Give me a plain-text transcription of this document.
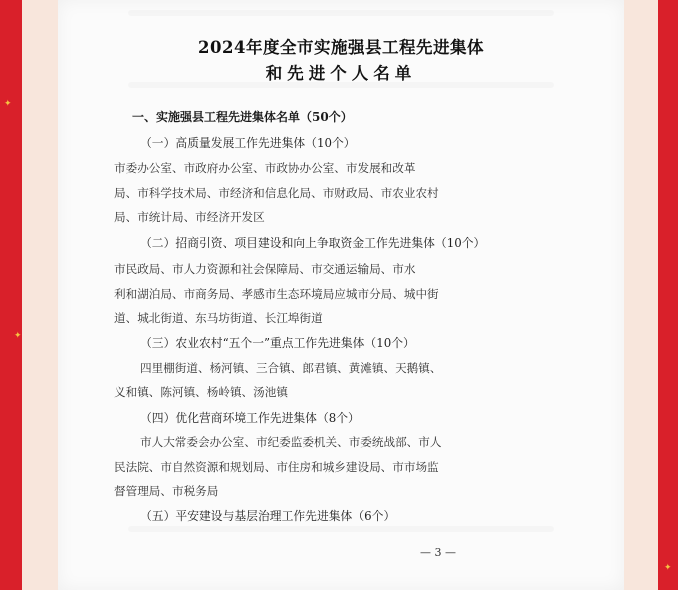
✦
✦
✦
2024年度全市实施强县工程先进集体
和先进个人名单
一、实施强县工程先进集体名单（50个）
（一）高质量发展工作先进集体（10个）
市委办公室、市政府办公室、市政协办公室、市发展和改革
局、市科学技术局、市经济和信息化局、市财政局、市农业农村
局、市统计局、市经济开发区
（二）招商引资、项目建设和向上争取资金工作先进集体（10个）
市民政局、市人力资源和社会保障局、市交通运输局、市水
利和湖泊局、市商务局、孝感市生态环境局应城市分局、城中街
道、城北街道、东马坊街道、长江埠街道
（三）农业农村“五个一”重点工作先进集体（10个）
四里棚街道、杨河镇、三合镇、郎君镇、黄滩镇、天鹅镇、
义和镇、陈河镇、杨岭镇、汤池镇
（四）优化营商环境工作先进集体（8个）
市人大常委会办公室、市纪委监委机关、市委统战部、市人
民法院、市自然资源和规划局、市住房和城乡建设局、市市场监
督管理局、市税务局
（五）平安建设与基层治理工作先进集体（6个）
— 3 —
